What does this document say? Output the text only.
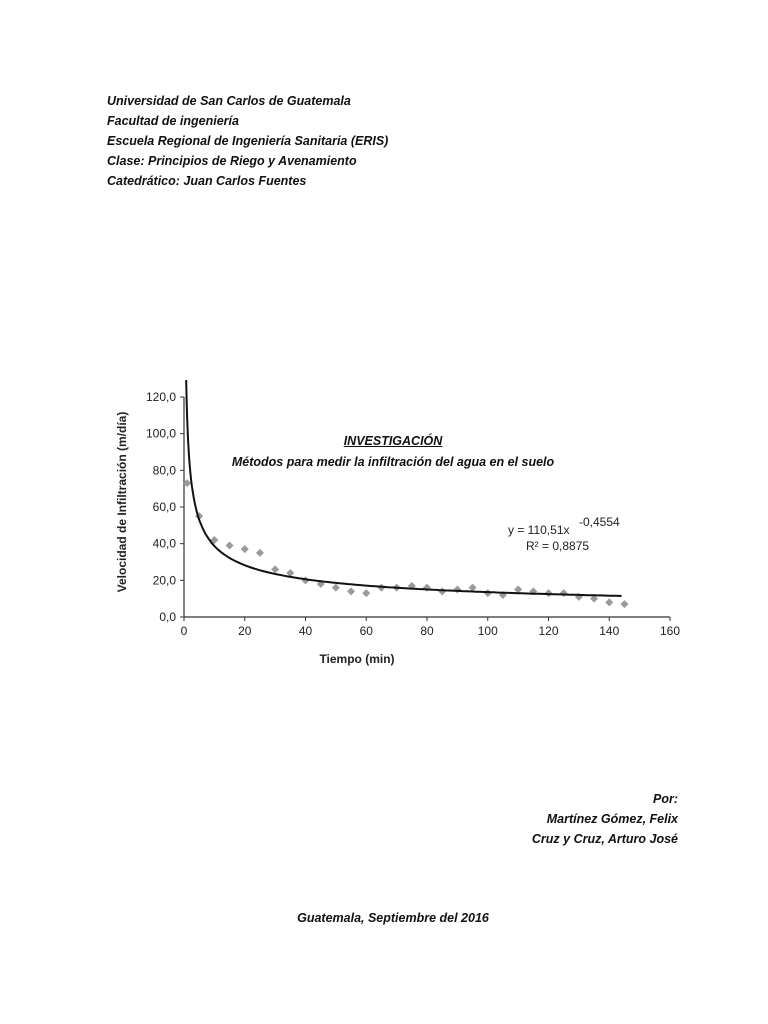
Universidad de San Carlos de Guatemala
Facultad de ingeniería
Escuela Regional de Ingeniería Sanitaria (ERIS)
Clase: Principios de Riego y Avenamiento
Catedrático: Juan Carlos Fuentes
0,0
20,0
40,0
60,0
80,0
100,0
120,0
0	20	40	60	80	100	120	140	160
Tiempo (min)
Velocidad de Infiltración (m/día)	y = 110,51x
-0,4554
R² = 0,8875
INVESTIGACIÓN
Métodos para medir la infiltración del agua en el suelo
Por:
Martínez Gómez, Felix
Cruz y Cruz, Arturo José
Guatemala, Septiembre del 2016
